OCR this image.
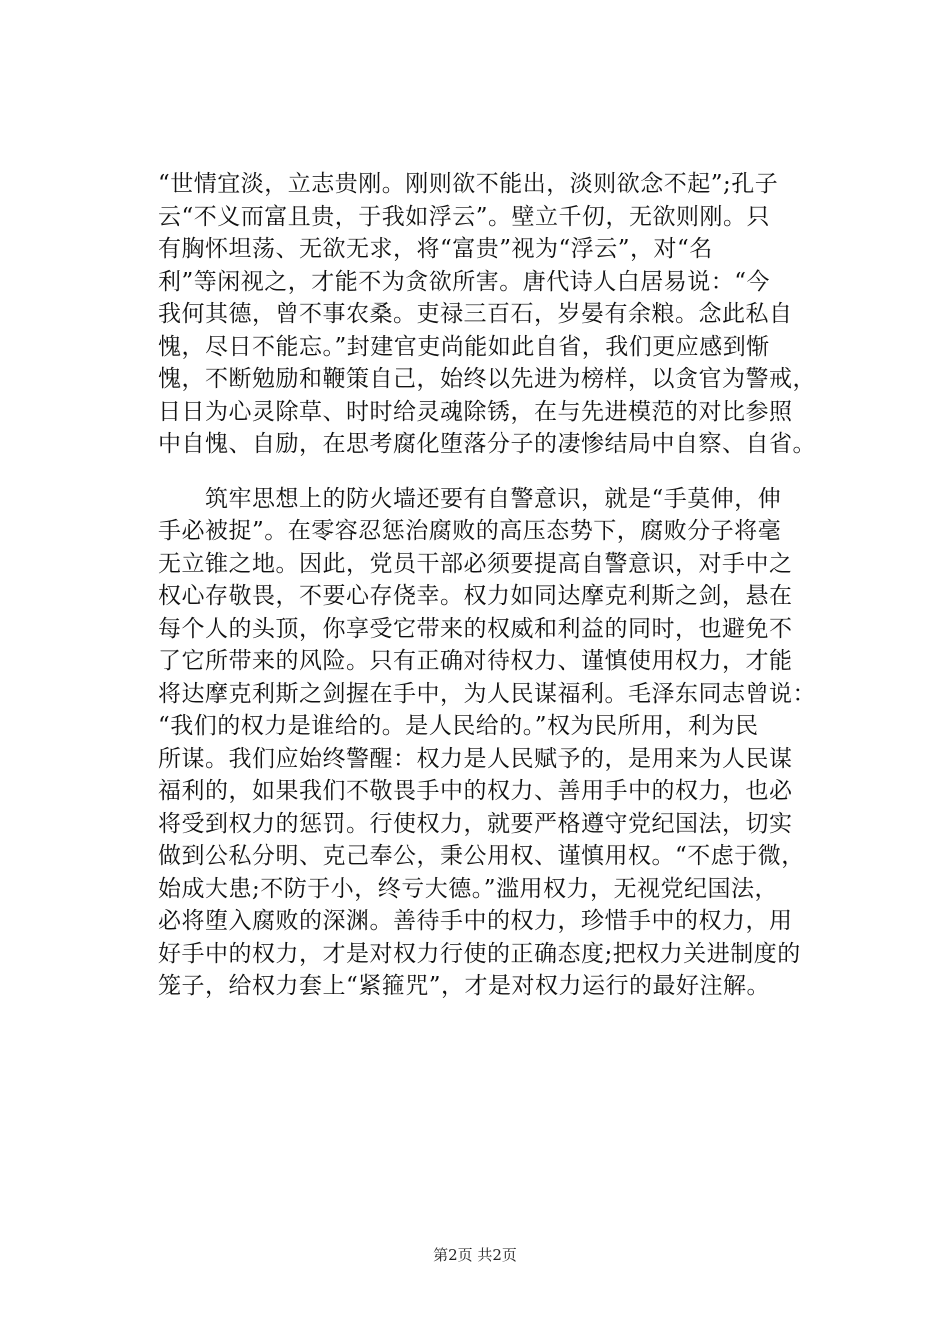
“世情宜淡，立志贵刚。刚则欲不能出，淡则欲念不起”;孔子
云“不义而富且贵，于我如浮云”。壁立千仞，无欲则刚。只
有胸怀坦荡、无欲无求，将“富贵”视为“浮云”，对“名
利”等闲视之，才能不为贪欲所害。唐代诗人白居易说：“今
我何其德，曾不事农桑。吏禄三百石，岁晏有余粮。念此私自
愧，尽日不能忘。”封建官吏尚能如此自省，我们更应感到惭
愧，不断勉励和鞭策自己，始终以先进为榜样，以贪官为警戒，
日日为心灵除草、时时给灵魂除锈，在与先进模范的对比参照
中自愧、自励，在思考腐化堕落分子的凄惨结局中自察、自省。
　　筑牢思想上的防火墙还要有自警意识，就是“手莫伸，伸
手必被捉”。在零容忍惩治腐败的高压态势下，腐败分子将毫
无立锥之地。因此，党员干部必须要提高自警意识，对手中之
权心存敬畏，不要心存侥幸。权力如同达摩克利斯之剑，悬在
每个人的头顶，你享受它带来的权威和利益的同时，也避免不
了它所带来的风险。只有正确对待权力、谨慎使用权力，才能
将达摩克利斯之剑握在手中，为人民谋福利。毛泽东同志曾说：
“我们的权力是谁给的。是人民给的。”权为民所用，利为民
所谋。我们应始终警醒：权力是人民赋予的，是用来为人民谋
福利的，如果我们不敬畏手中的权力、善用手中的权力，也必
将受到权力的惩罚。行使权力，就要严格遵守党纪国法，切实
做到公私分明、克己奉公，秉公用权、谨慎用权。“不虑于微，
始成大患;不防于小，终亏大德。”滥用权力，无视党纪国法，
必将堕入腐败的深渊。善待手中的权力，珍惜手中的权力，用
好手中的权力，才是对权力行使的正确态度;把权力关进制度的
笼子，给权力套上“紧箍咒”，才是对权力运行的最好注解。
第2页 共2页
